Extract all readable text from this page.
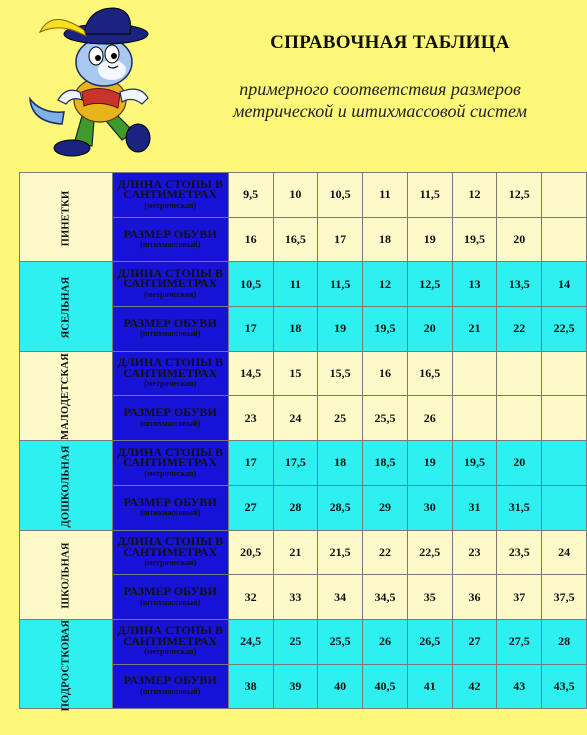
СПРАВОЧНАЯ ТАБЛИЦА
примерного соответствия размеров
метрической и штихмассовой систем
ПИНЕТКИ	ДЛИНА СТОПЫ В САНТИМЕТРАХ
(метрическая)	9,5	10	10,5	11	11,5	12	12,5	
	РАЗМЕР ОБУВИ
(штихмассовый)	16	16,5	17	18	19	19,5	20	
ЯСЕЛЬНАЯ	ДЛИНА СТОПЫ В САНТИМЕТРАХ
(метрическая)	10,5	11	11,5	12	12,5	13	13,5	14
	РАЗМЕР ОБУВИ
(штихмассовый)	17	18	19	19,5	20	21	22	22,5
МАЛОДЕТСКАЯ	ДЛИНА СТОПЫ В САНТИМЕТРАХ
(метрическая)	14,5	15	15,5	16	16,5			
	РАЗМЕР ОБУВИ
(штихмассовый)	23	24	25	25,5	26			
ДОШКОЛЬНАЯ	ДЛИНА СТОПЫ В САНТИМЕТРАХ
(метрическая)	17	17,5	18	18,5	19	19,5	20	
	РАЗМЕР ОБУВИ
(штихмассовый)	27	28	28,5	29	30	31	31,5	
ШКОЛЬНАЯ	ДЛИНА СТОПЫ В САНТИМЕТРАХ
(метрическая)	20,5	21	21,5	22	22,5	23	23,5	24
	РАЗМЕР ОБУВИ
(штихмассовый)	32	33	34	34,5	35	36	37	37,5
ПОДРОСТКОВАЯ	ДЛИНА СТОПЫ В САНТИМЕТРАХ
(метрическая)	24,5	25	25,5	26	26,5	27	27,5	28
	РАЗМЕР ОБУВИ
(штихмассовый)	38	39	40	40,5	41	42	43	43,5
